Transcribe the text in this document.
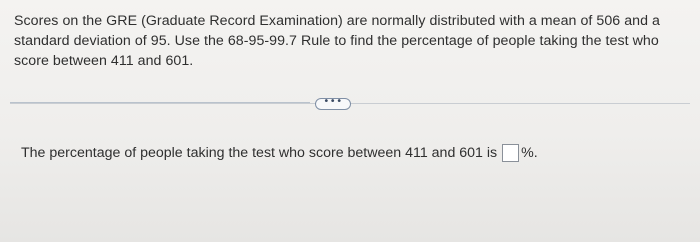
Scores on the GRE (Graduate Record Examination) are normally distributed with a mean of 506 and a standard deviation of 95. Use the 68-95-99.7 Rule to find the percentage of people taking the test who score between 411 and 601.

•••
The percentage of people taking the test who score between 411 and 601 is %.
